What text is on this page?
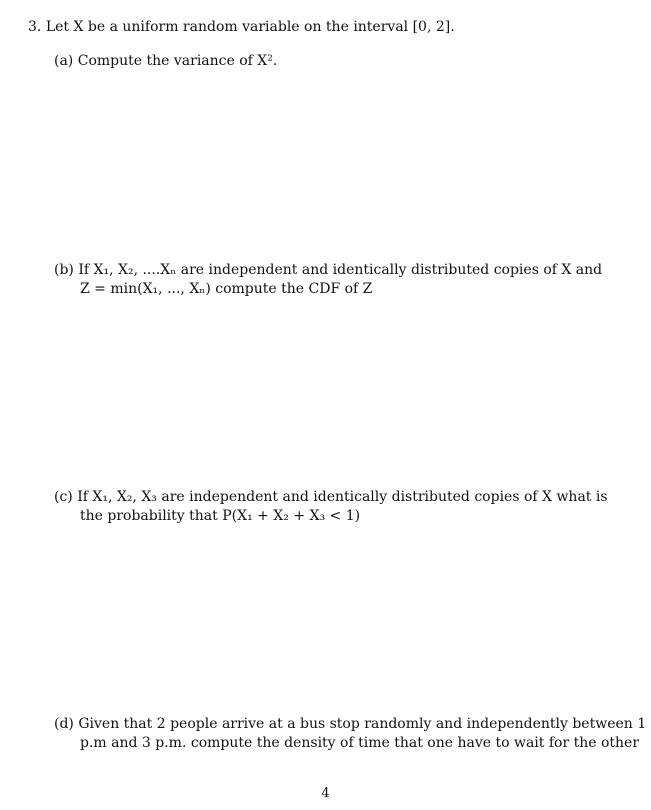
3. Let X be a uniform random variable on the interval [0, 2].
(a) Compute the variance of X².
(b) If X₁, X₂, ....Xₙ are independent and identically distributed copies of X and
Z = min(X₁, ..., Xₙ) compute the CDF of Z
(c) If X₁, X₂, X₃ are independent and identically distributed copies of X what is
the probability that P(X₁ + X₂ + X₃ < 1)
(d) Given that 2 people arrive at a bus stop randomly and independently between 1
p.m and 3 p.m. compute the density of time that one have to wait for the other
4
